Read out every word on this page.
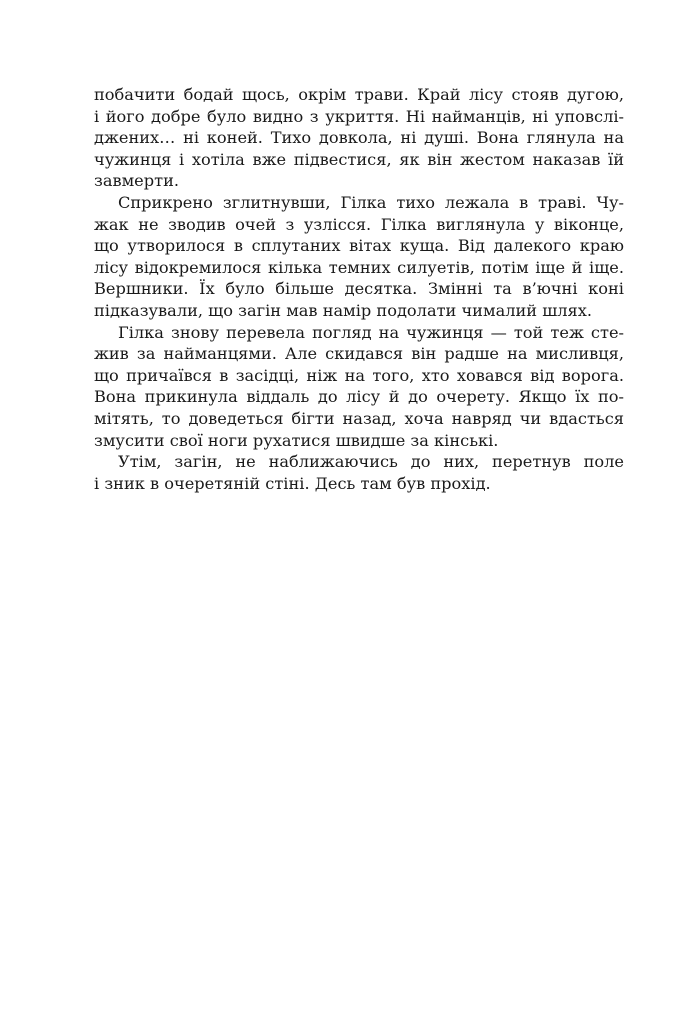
побачити бодай щось, окрім трави. Край лісу стояв дугою,
і його добре було видно з укриття. Ні найманців, ні уповслі-
джених… ні коней. Тихо довкола, ні душі. Вона глянула на
чужинця і хотіла вже підвестися, як він жестом наказав їй
завмерти.
Сприкрено зглитнувши, Гілка тихо лежала в траві. Чу-
жак не зводив очей з узлісся. Гілка виглянула у віконце,
що утворилося в сплутаних вітах куща. Від далекого краю
лісу відокремилося кілька темних силуетів, потім іще й іще.
Вершники. Їх було більше десятка. Змінні та в’ючні коні
підказували, що загін мав намір подолати чималий шлях.
Гілка знову перевела погляд на чужинця — той теж сте-
жив за найманцями. Але скидався він радше на мисливця,
що причаївся в засідці, ніж на того, хто ховався від ворога.
Вона прикинула віддаль до лісу й до очерету. Якщо їх по-
мітять, то доведеться бігти назад, хоча навряд чи вдасться
змусити свої ноги рухатися швидше за кінські.
Утім, загін, не наближаючись до них, перетнув поле
і зник в очеретяній стіні. Десь там був прохід.
